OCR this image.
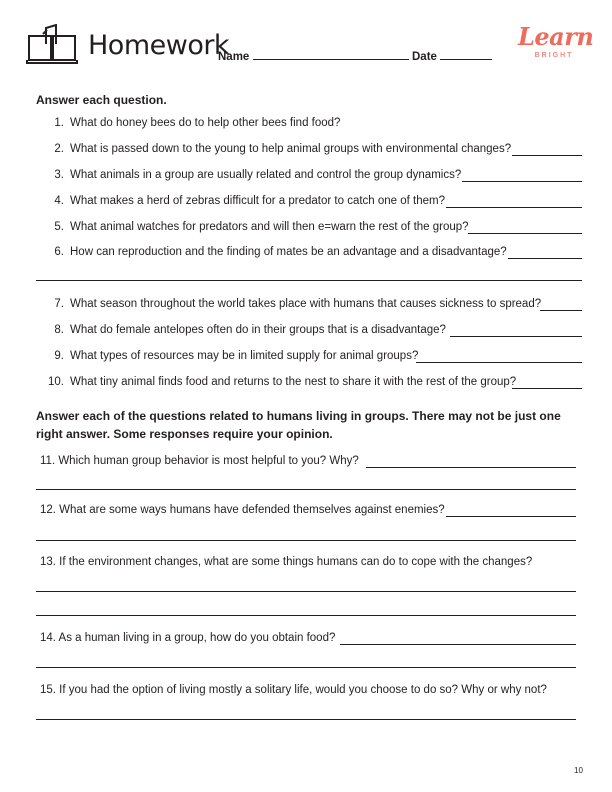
Homework
Name	Date
Learn
BRIGHT
Answer each question.
1. What do honey bees do to help other bees find food?
2. What is passed down to the young to help animal groups with environmental changes?
3. What animals in a group are usually related and control the group dynamics?
4. What makes a herd of zebras difficult for a predator to catch one of them?
5. What animal watches for predators and will then e=warn the rest of the group?
6. How can reproduction and the finding of mates be an advantage and a disadvantage?
7. What season throughout the world takes place with humans that causes sickness to spread?
8. What do female antelopes often do in their groups that is a disadvantage?
9. What types of resources may be in limited supply for animal groups?
10. What tiny animal finds food and returns to the nest to share it with the rest of the group?
Answer each of the questions related to humans living in groups. There may not be just one right answer. Some responses require your opinion.
11. Which human group behavior is most helpful to you? Why?
12. What are some ways humans have defended themselves against enemies?
13. If the environment changes, what are some things humans can do to cope with the changes?
14. As a human living in a group, how do you obtain food?
15. If you had the option of living mostly a solitary life, would you choose to do so? Why or why not?
10
